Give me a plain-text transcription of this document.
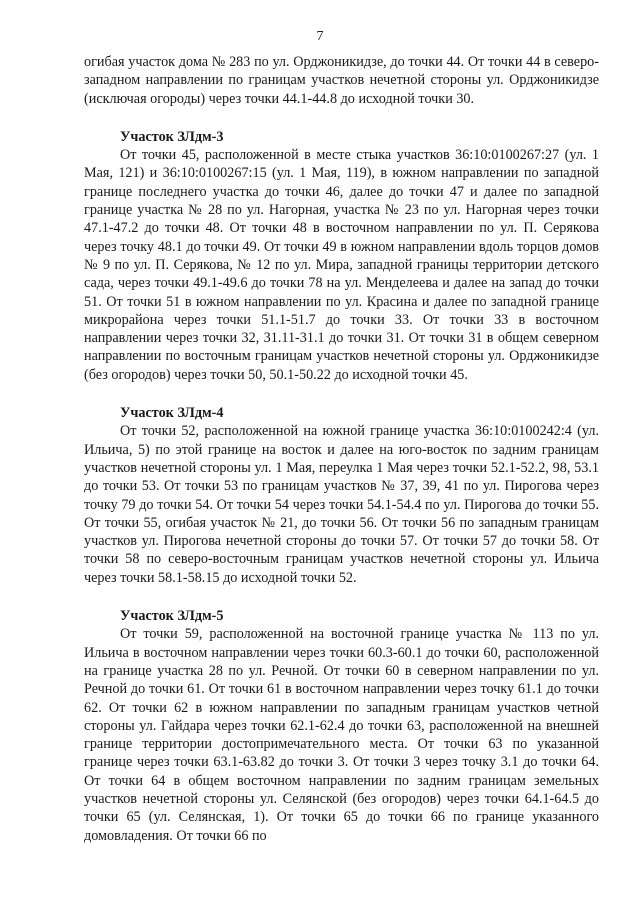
7

огибая участок дома № 283 по ул. Орджоникидзе, до точки 44. От точки 44 в северо-западном направлении по границам участков нечетной стороны ул. Орджоникидзе (исключая огороды) через точки 44.1-44.8 до исходной точки 30.

Участок ЗЛдм-3

От точки 45, расположенной в месте стыка участков 36:10:0100267:27 (ул. 1 Мая, 121) и 36:10:0100267:15 (ул. 1 Мая, 119), в южном направлении по западной границе последнего участка до точки 46, далее до точки 47 и далее по западной границе участка № 28 по ул. Нагорная, участка № 23 по ул. Нагорная через точки 47.1-47.2 до точки 48. От точки 48 в восточном направлении по ул. П. Серякова через точку 48.1 до точки 49. От точки 49 в южном направлении вдоль торцов домов № 9 по ул. П. Серякова, № 12 по ул. Мира, западной границы территории детского сада, через точки 49.1-49.6 до точки 78 на ул. Менделеева и далее на запад до точки 51. От точки 51 в южном направлении по ул. Красина и далее по западной границе микрорайона через точки 51.1-51.7 до точки 33. От точки 33 в восточном направлении через точки 32, 31.11-31.1 до точки 31. От точки 31 в общем северном направлении по восточным границам участков нечетной стороны ул. Орджоникидзе (без огородов) через точки 50, 50.1-50.22 до исходной точки 45.

Участок ЗЛдм-4

От точки 52, расположенной на южной границе участка 36:10:0100242:4 (ул. Ильича, 5) по этой границе на восток и далее на юго-восток по задним границам участков нечетной стороны ул. 1 Мая, переулка 1 Мая через точки 52.1-52.2, 98, 53.1 до точки 53. От точки 53 по границам участков № 37, 39, 41 по ул. Пирогова через точку 79 до точки 54. От точки 54 через точки 54.1-54.4 по ул. Пирогова до точки 55. От точки 55, огибая участок № 21, до точки 56. От точки 56 по западным границам участков ул. Пирогова нечетной стороны до точки 57. От точки 57 до точки 58. От точки 58 по северо-восточным границам участков нечетной стороны ул. Ильича через точки 58.1-58.15 до исходной точки 52.

Участок ЗЛдм-5

От точки 59, расположенной на восточной границе участка № 113 по ул. Ильича в восточном направлении через точки 60.3-60.1 до точки 60, расположенной на границе участка 28 по ул. Речной. От точки 60 в северном направлении по ул. Речной до точки 61. От точки 61 в восточном направлении через точку 61.1 до точки 62. От точки 62 в южном направлении по западным границам участков четной стороны ул. Гайдара через точки 62.1-62.4 до точки 63, расположенной на внешней границе территории достопримечательного места. От точки 63 по указанной границе через точки 63.1-63.82 до точки 3. От точки 3 через точку 3.1 до точки 64. От точки 64 в общем восточном направлении по задним границам земельных участков нечетной стороны ул. Селянской (без огородов) через точки 64.1-64.5 до точки 65 (ул. Селянская, 1). От точки 65 до точки 66 по границе указанного домовладения. От точки 66 по
